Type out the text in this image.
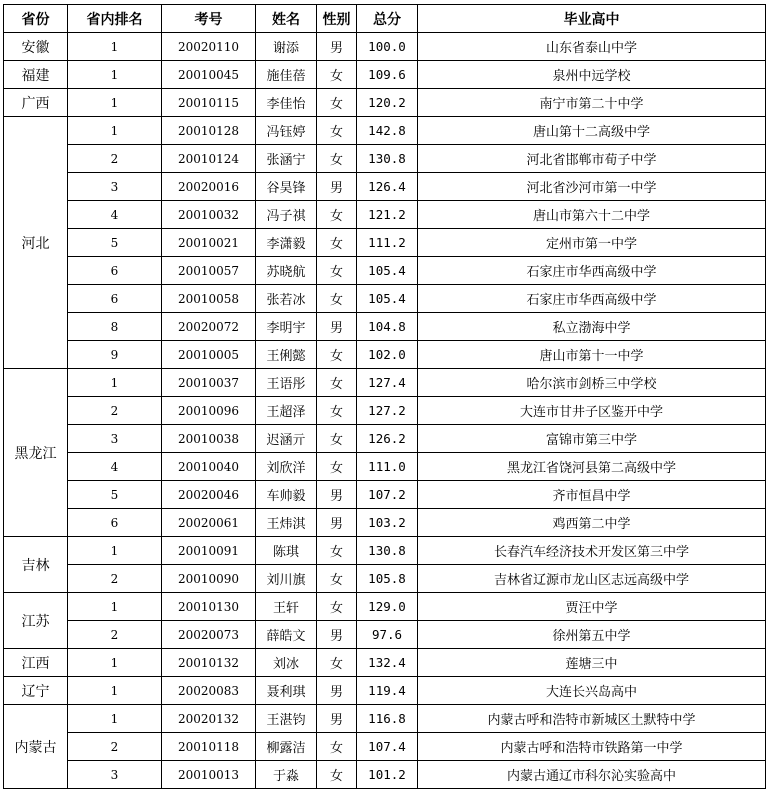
省份	省内排名	考号	姓名	性别	总分	毕业高中
安徽	1	20020110	谢添	男	100.0	山东省泰山中学
福建	1	20010045	施佳蓓	女	109.6	泉州中远学校
广西	1	20010115	李佳怡	女	120.2	南宁市第二十中学
河北	1	20010128	冯钰婷	女	142.8	唐山第十二高级中学
	2	20010124	张涵宁	女	130.8	河北省邯郸市荀子中学
	3	20020016	谷昊锋	男	126.4	河北省沙河市第一中学
	4	20010032	冯子祺	女	121.2	唐山市第六十二中学
	5	20010021	李潇毅	女	111.2	定州市第一中学
	6	20010057	苏晓航	女	105.4	石家庄市华西高级中学
	6	20010058	张若冰	女	105.4	石家庄市华西高级中学
	8	20020072	李明宇	男	104.8	私立渤海中学
	9	20010005	王俐懿	女	102.0	唐山市第十一中学
黑龙江	1	20010037	王语彤	女	127.4	哈尔滨市剑桥三中学校
	2	20010096	王超泽	女	127.2	大连市甘井子区鉴开中学
	3	20010038	迟涵亓	女	126.2	富锦市第三中学
	4	20010040	刘欣洋	女	111.0	黑龙江省饶河县第二高级中学
	5	20020046	车帅毅	男	107.2	齐市恒昌中学
	6	20020061	王炜淇	男	103.2	鸡西第二中学
吉林	1	20010091	陈琪	女	130.8	长春汽车经济技术开发区第三中学
	2	20010090	刘川旗	女	105.8	吉林省辽源市龙山区志远高级中学
江苏	1	20010130	王轩	女	129.0	贾汪中学
	2	20020073	薛皓文	男	97.6	徐州第五中学
江西	1	20010132	刘冰	女	132.4	莲塘三中
辽宁	1	20020083	聂利琪	男	119.4	大连长兴岛高中
内蒙古	1	20020132	王湛钧	男	116.8	内蒙古呼和浩特市新城区土默特中学
	2	20010118	柳露洁	女	107.4	内蒙古呼和浩特市铁路第一中学
	3	20010013	于淼	女	101.2	内蒙古通辽市科尔沁实验高中
